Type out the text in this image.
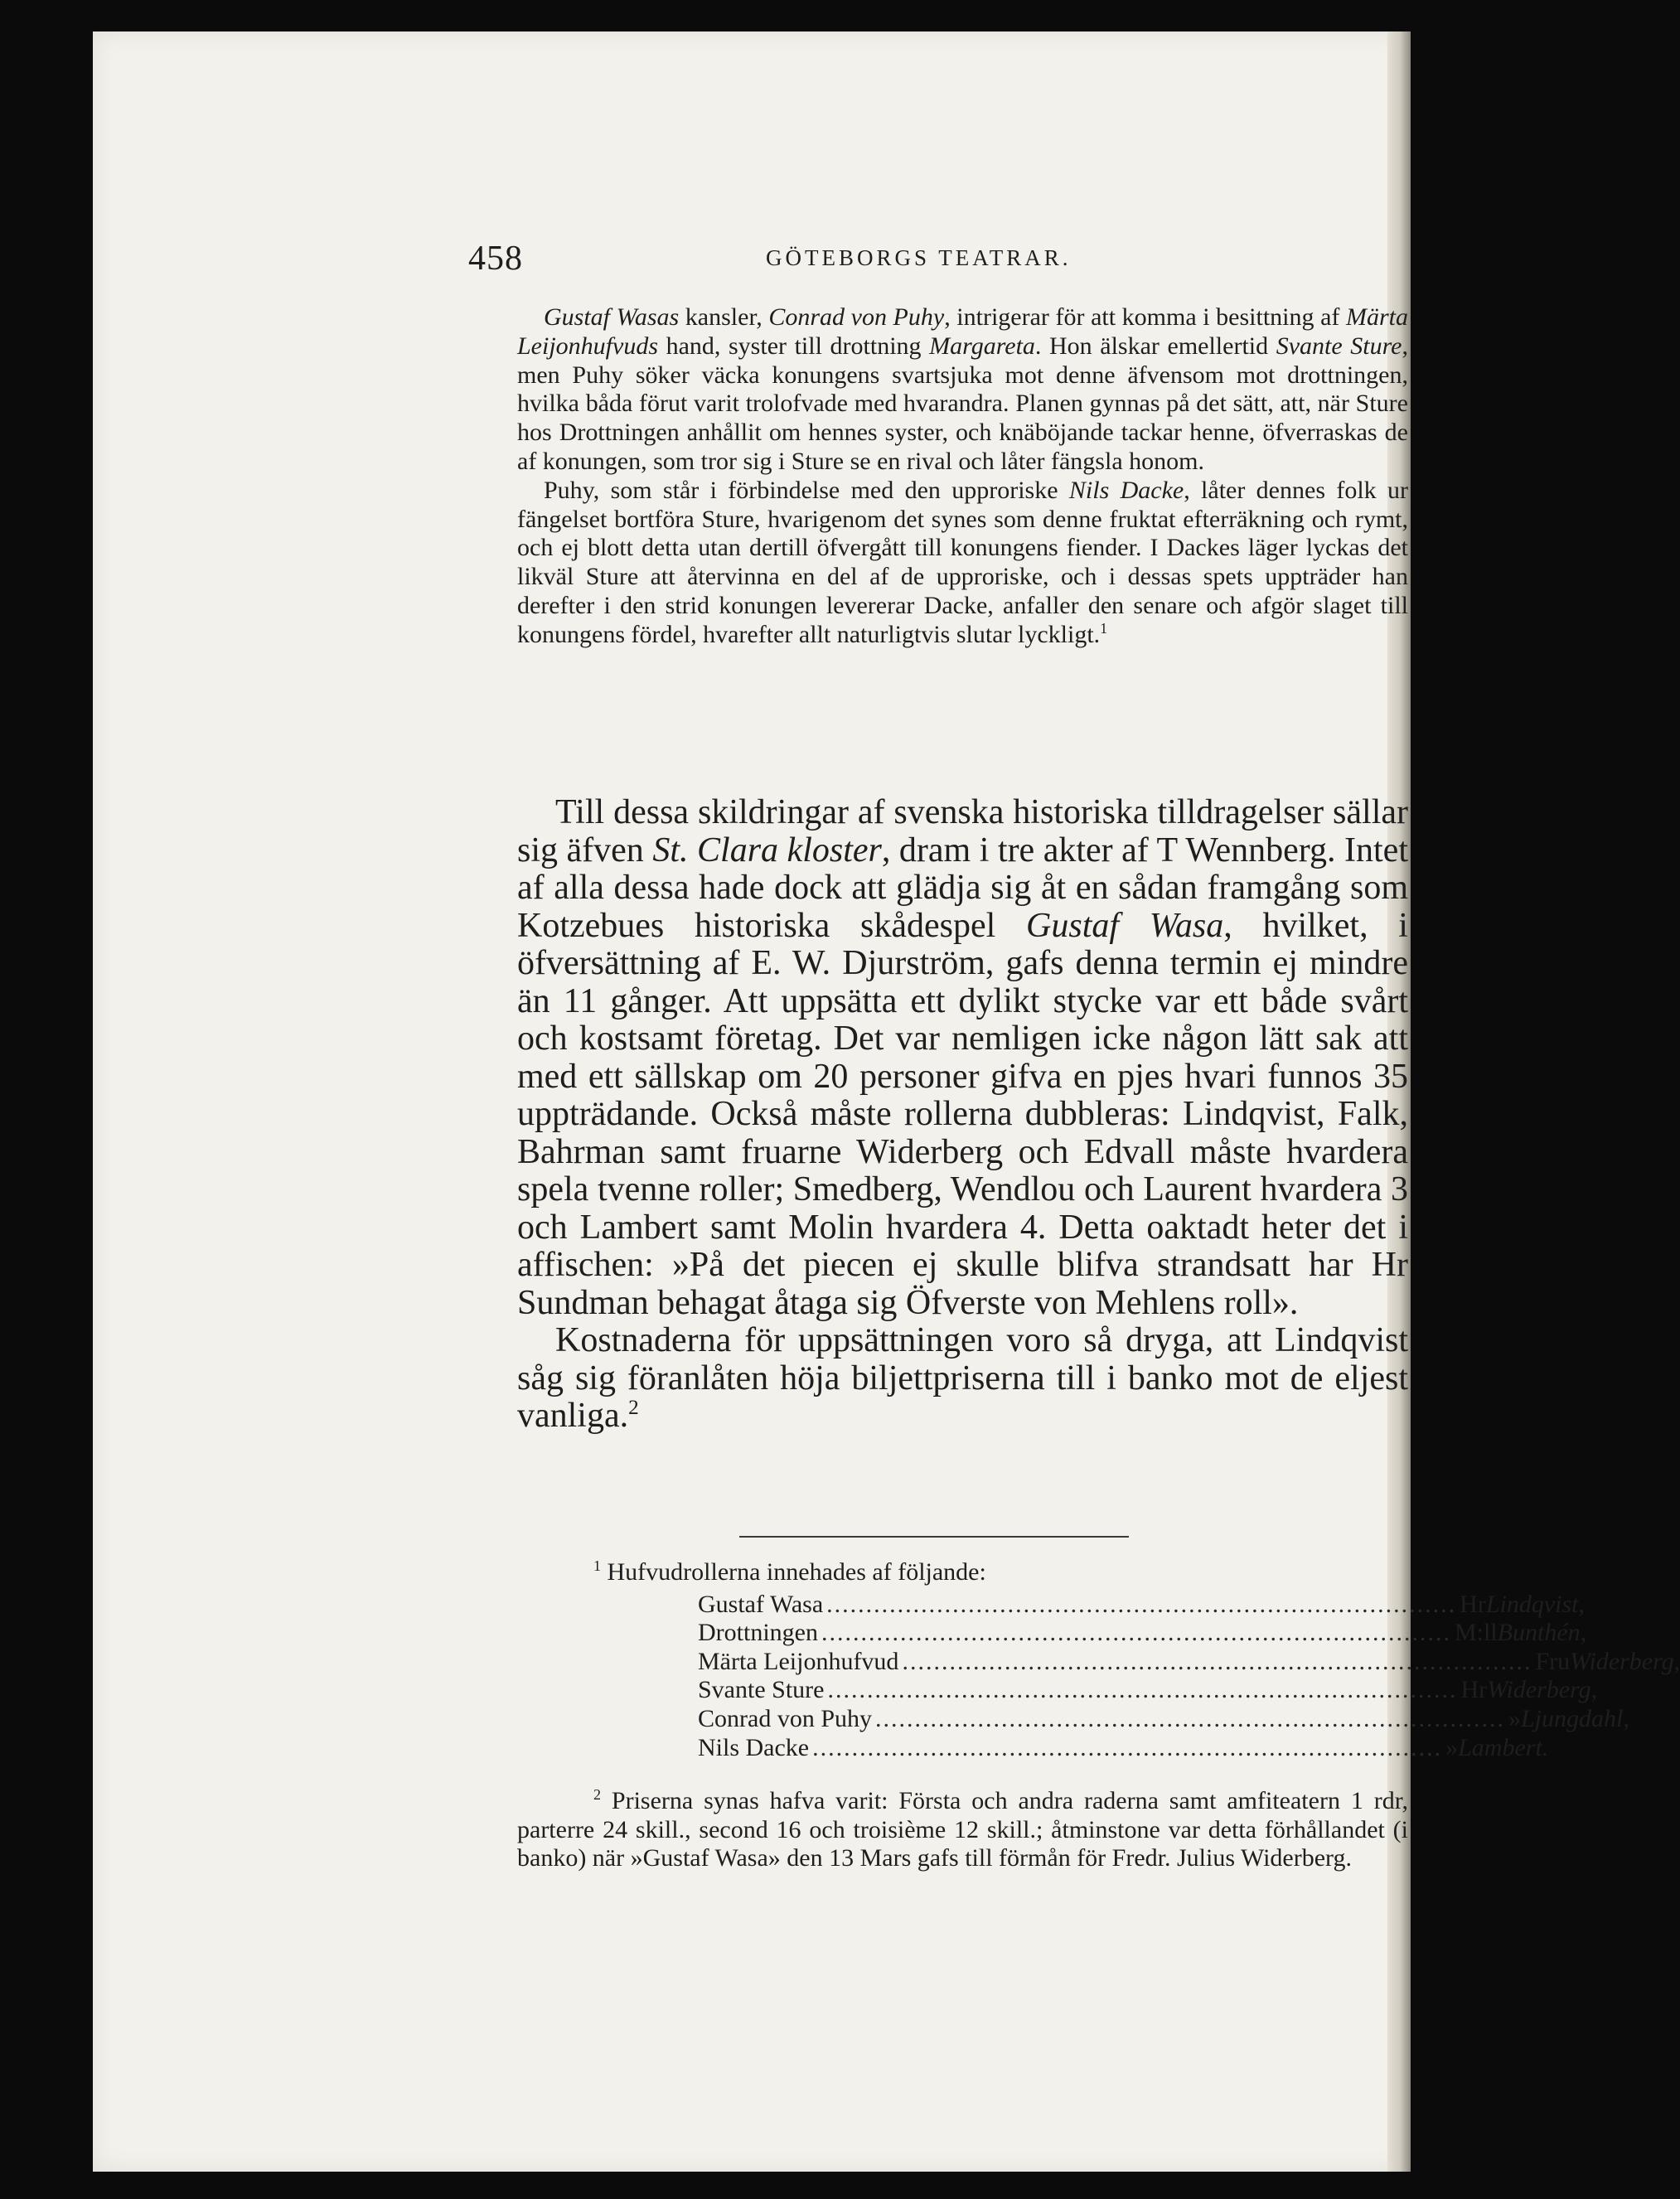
458	GÖTEBORGS TEATRAR.

Gustaf Wasas kansler, Conrad von Puhy, intrigerar för att komma i besittning af Märta Leijonhufvuds hand, syster till drottning Margareta. Hon älskar emellertid Svante Sture, men Puhy söker väcka konungens svartsjuka mot denne äfvensom mot drottningen, hvilka båda förut varit trolofvade med hvarandra. Planen gynnas på det sätt, att, när Sture hos Drottningen anhållit om hennes syster, och knäböjande tackar henne, öfverraskas de af konungen, som tror sig i Sture se en rival och låter fängsla honom.

Puhy, som står i förbindelse med den upproriske Nils Dacke, låter dennes folk ur fängelset bortföra Sture, hvarigenom det synes som denne fruktat efterräkning och rymt, och ej blott detta utan dertill öfvergått till konungens fiender. I Dackes läger lyckas det likväl Sture att återvinna en del af de upproriske, och i dessas spets uppträder han derefter i den strid konungen levererar Dacke, anfaller den senare och afgör slaget till konungens fördel, hvarefter allt naturligtvis slutar lyckligt.$^1$

Till dessa skildringar af svenska historiska tilldragelser sällar sig äfven St. Clara kloster, dram i tre akter af T Wennberg. Intet af alla dessa hade dock att glädja sig åt en sådan framgång som Kotzebues historiska skådespel Gustaf Wasa, hvilket, i öfversättning af E. W. Djurström, gafs denna termin ej mindre än 11 gånger. Att uppsätta ett dylikt stycke var ett både svårt och kostsamt företag. Det var nemligen icke någon lätt sak att med ett sällskap om 20 personer gifva en pjes hvari funnos 35 uppträdande. Också måste rollerna dubbleras: Lindqvist, Falk, Bahrman samt fruarne Widerberg och Edvall måste hvardera spela tvenne roller; Smedberg, Wendlou och Laurent hvardera 3 och Lambert samt Molin hvardera 4. Detta oaktadt heter det i affischen: »På det piecen ej skulle blifva strandsatt har Hr Sundman behagat åtaga sig Öfverste von Mehlens roll».

Kostnaderna för uppsättningen voro så dryga, att Lindqvist såg sig föranlåten höja biljettpriserna till i banko mot de eljest vanliga.$^2$

$^1$ Hufvudrollerna innehades af följande:

Gustaf Wasa ................................................................................ Hr Lindqvist,
Drottningen ................................................................................ M:ll Bunthén,
Märta Leijonhufvud ................................................................................ Fru Widerberg,
Svante Sture ................................................................................ Hr Widerberg,
Conrad von Puhy ................................................................................ » Ljungdahl,
Nils Dacke ................................................................................ » Lambert.

$^2$ Priserna synas hafva varit: Första och andra raderna samt amfiteatern 1 rdr, parterre 24 skill., second 16 och troisième 12 skill.; åtminstone var detta förhållandet (i banko) när »Gustaf Wasa» den 13 Mars gafs till förmån för Fredr. Julius Widerberg.
